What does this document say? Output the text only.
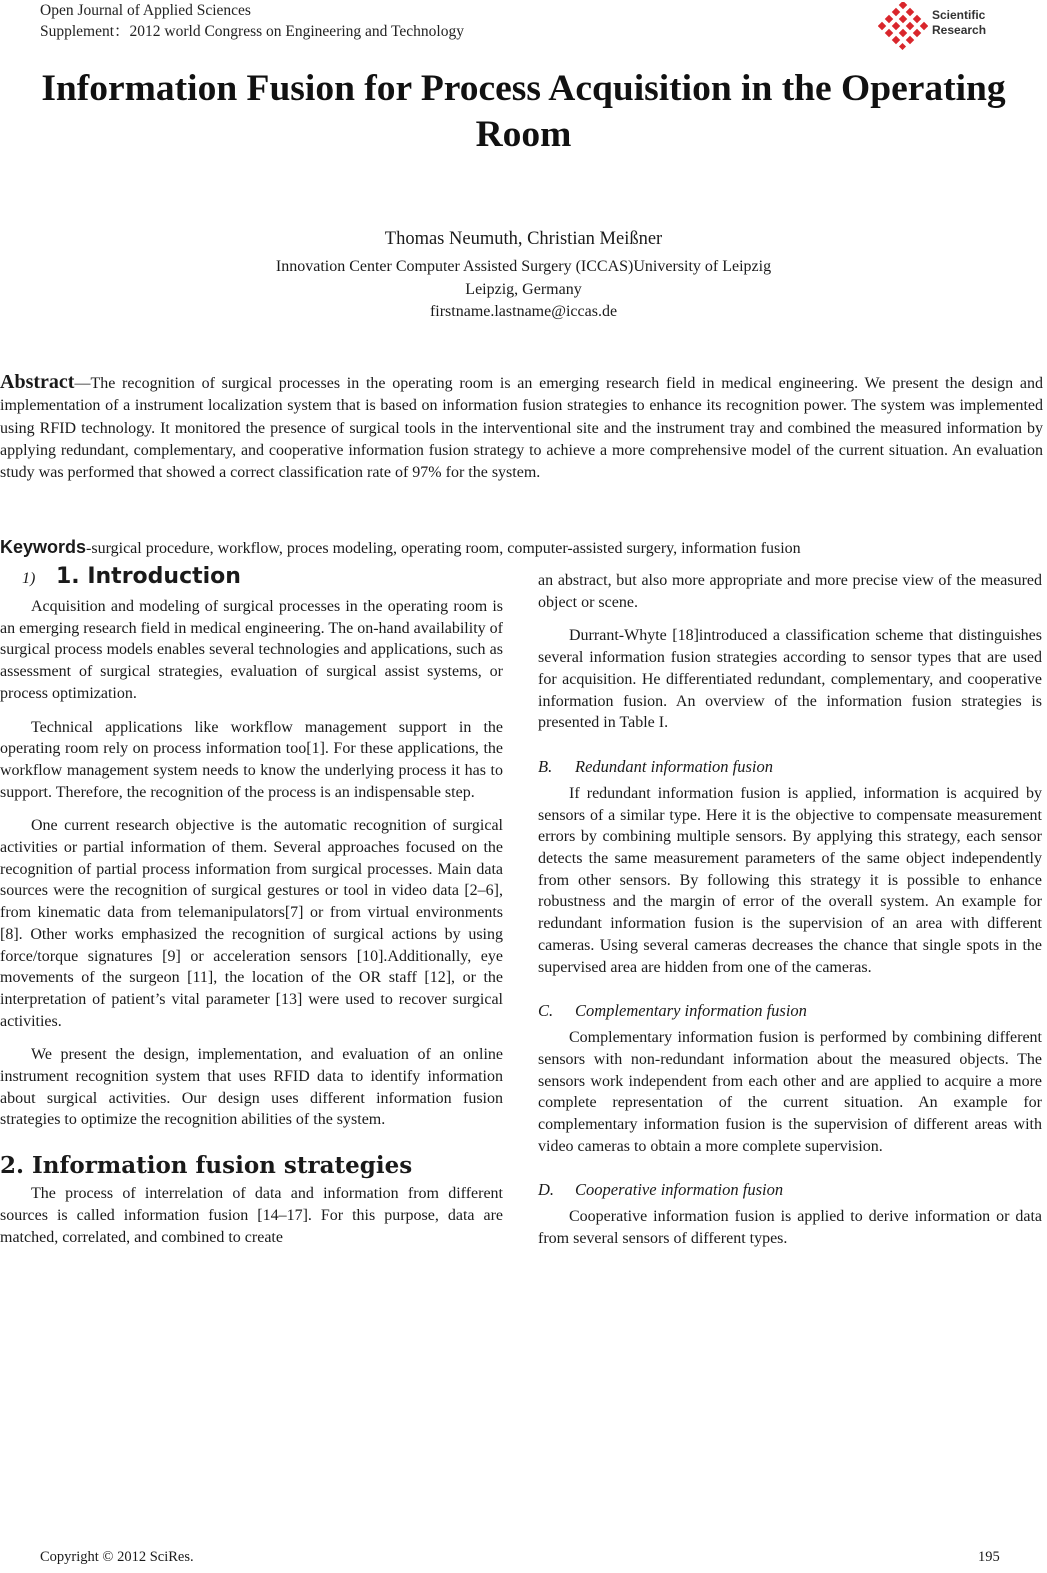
Open Journal of Applied Sciences
Supplement：2012 world Congress on Engineering and Technology
Scientific
Research
Information Fusion for Process Acquisition in the Operating Room
Thomas Neumuth, Christian Meißner
Innovation Center Computer Assisted Surgery (ICCAS)University of Leipzig
Leipzig, Germany
firstname.lastname@iccas.de
Abstract—The recognition of surgical processes in the operating room is an emerging research field in medical engineering. We present the design and implementation of a instrument localization system that is based on information fusion strategies to enhance its recognition power. The system was implemented using RFID technology. It monitored the presence of surgical tools in the interventional site and the instrument tray and combined the measured information by applying redundant, complementary, and cooperative information fusion strategy to achieve a more comprehensive model of the current situation. An evaluation study was performed that showed a correct classification rate of 97% for the system.
Keywords-surgical procedure, workflow, proces modeling, operating room, computer-assisted surgery, information fusion
1) 1. Introduction

Acquisition and modeling of surgical processes in the operating room is an emerging research field in medical engineering. The on-hand availability of surgical process models enables several technologies and applications, such as assessment of surgical strategies, evaluation of surgical assist systems, or process optimization.

Technical applications like workflow management support in the operating room rely on process information too[1]. For these applications, the workflow management system needs to know the underlying process it has to support. Therefore, the recognition of the process is an indispensable step.

One current research objective is the automatic recognition of surgical activities or partial information of them. Several approaches focused on the recognition of partial process information from surgical processes. Main data sources were the recognition of surgical gestures or tool in video data [2–6], from kinematic data from telemanipulators[7] or from virtual environments [8]. Other works emphasized the recognition of surgical actions by using force/torque signatures [9] or acceleration sensors [10].Additionally, eye movements of the surgeon [11], the location of the OR staff [12], or the interpretation of patient’s vital parameter [13] were used to recover surgical activities.

We present the design, implementation, and evaluation of an online instrument recognition system that uses RFID data to identify information about surgical activities. Our design uses different information fusion strategies to optimize the recognition abilities of the system.

2. Information fusion strategies

The process of interrelation of data and information from different sources is called information fusion [14–17]. For this purpose, data are matched, correlated, and combined to create

an abstract, but also more appropriate and more precise view of the measured object or scene.

Durrant-Whyte [18]introduced a classification scheme that distinguishes several information fusion strategies according to sensor types that are used for acquisition. He differentiated redundant, complementary, and cooperative information fusion. An overview of the information fusion strategies is presented in Table I.

B.	Redundant information fusion

If redundant information fusion is applied, information is acquired by sensors of a similar type. Here it is the objective to compensate measurement errors by combining multiple sensors. By applying this strategy, each sensor detects the same measurement parameters of the same object independently from other sensors. By following this strategy it is possible to enhance robustness and the margin of error of the overall system. An example for redundant information fusion is the supervision of an area with different cameras. Using several cameras decreases the chance that single spots in the supervised area are hidden from one of the cameras.

C.	Complementary information fusion

Complementary information fusion is performed by combining different sensors with non-redundant information about the measured objects. The sensors work independent from each other and are applied to acquire a more complete representation of the current situation. An example for complementary information fusion is the supervision of different areas with video cameras to obtain a more complete supervision.

D.	Cooperative information fusion

Cooperative information fusion is applied to derive information or data from several sensors of different types.

Copyright © 2012 SciRes.	195
